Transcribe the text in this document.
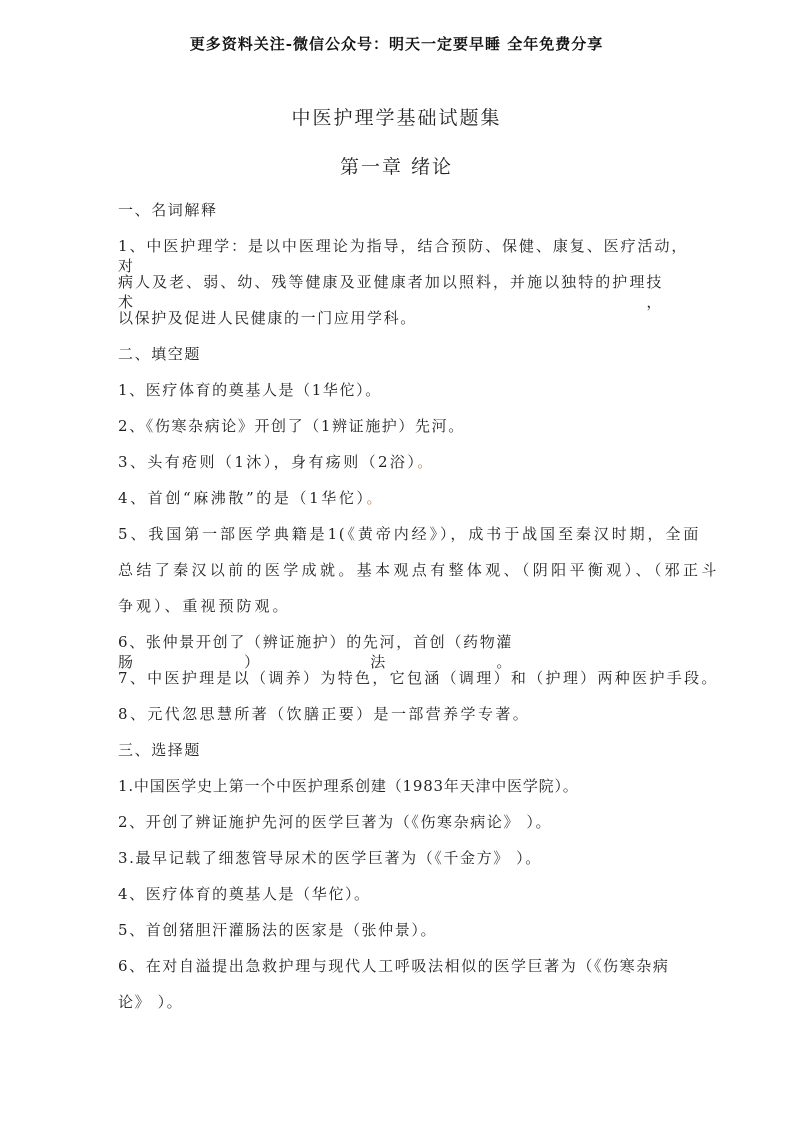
更多资料关注-微信公众号：明天一定要早睡 全年免费分享
中医护理学基础试题集
第一章 绪论
一、名词解释
1、中医护理学：是以中医理论为指导，结合预防、保健、康复、医疗活动，对
病人及老、弱、幼、残等健康及亚健康者加以照料，并施以独特的护理技术，
以保护及促进人民健康的一门应用学科。
二、填空题
1、医疗体育的奠基人是（1华佗）。
2、《伤寒杂病论》开创了（1辨证施护）先河。
3、头有疮则（1沐），身有疡则（2浴）。
4、首创“麻沸散”的是（1华佗）。
5、我国第一部医学典籍是1(《黄帝内经》），成书于战国至秦汉时期，全面
总结了秦汉以前的医学成就。基本观点有整体观、（阴阳平衡观）、（邪正斗
争观）、重视预防观。
6、张仲景开创了（辨证施护）的先河，首创（药物灌肠）法。
7、中医护理是以（调养）为特色，它包涵（调理）和（护理）两种医护手段。
8、元代忽思慧所著（饮膳正要）是一部营养学专著。
三、选择题
1.中国医学史上第一个中医护理系创建（1983年天津中医学院）。
2、开创了辨证施护先河的医学巨著为（《伤寒杂病论》 ）。
3.最早记载了细葱管导尿术的医学巨著为（《千金方》 ）。
4、医疗体育的奠基人是（华佗）。
5、首创猪胆汗灌肠法的医家是（张仲景）。
6、在对自溢提出急救护理与现代人工呼吸法相似的医学巨著为（《伤寒杂病
论》 ）。
